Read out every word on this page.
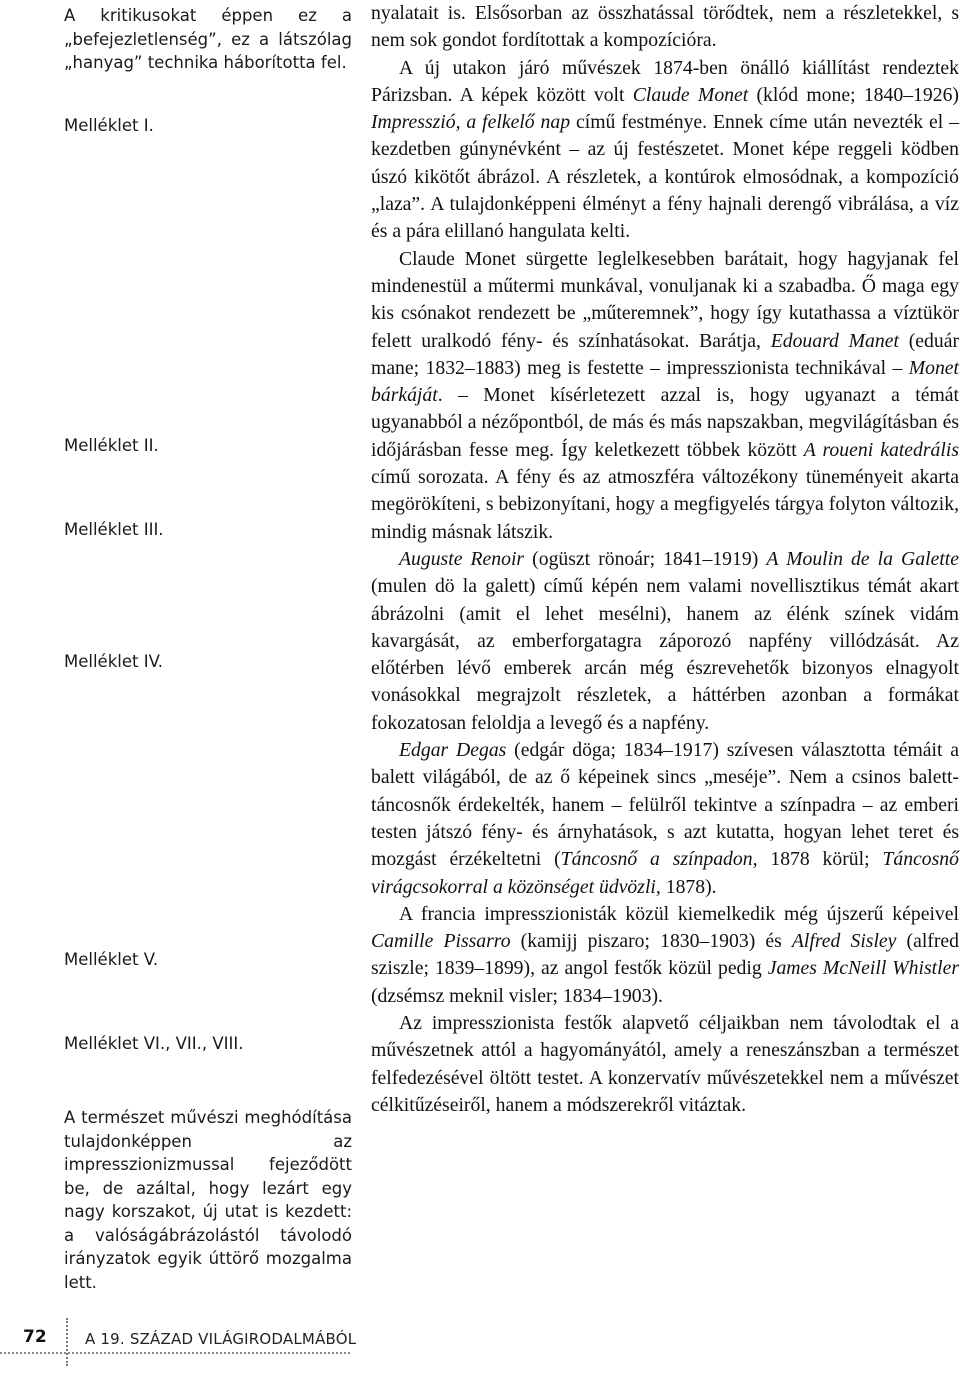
A kritikusokat éppen ez a „befejezletlenség”, ez a látszólag „hanyag” technika háborította fel.

Melléklet I.

Melléklet II.

Melléklet III.

Melléklet IV.

Melléklet V.

Melléklet VI., VII., VIII.

A természet művészi meghódítása tulajdonképpen az impresszionizmussal fejeződött be, de azáltal, hogy lezárt egy nagy korszakot, új utat is kezdett: a valóságábrázolástól távolodó irányzatok egyik úttörő mozgalma lett.

nyalatait is. Elsősorban az összhatással törődtek, nem a részletekkel, s nem sok gondot fordítottak a kompozícióra.

A új utakon járó művészek 1874-ben önálló kiállítást rendeztek Párizsban. A képek között volt Claude Monet (klód mone; 1840–1926) Impresszió, a felkelő nap című festménye. Ennek címe után nevezték el – kezdetben gúnynévként – az új festészetet. Monet képe reggeli ködben úszó kikötőt ábrázol. A részletek, a kontúrok elmosódnak, a kompozíció „laza”. A tulajdonképpeni élményt a fény hajnali derengő vibrálása, a víz és a pára elillanó hangulata kelti.

Claude Monet sürgette leglelkesebben barátait, hogy hagyjanak fel mindenestül a műtermi munkával, vonuljanak ki a szabadba. Ő maga egy kis csónakot rendezett be „műteremnek”, hogy így kutathassa a víztükör felett uralkodó fény- és színhatásokat. Barátja, Edouard Manet (eduár mane; 1832–1883) meg is festette – impresszionista technikával – Monet bárkáját. – Monet kísérletezett azzal is, hogy ugyanazt a témát ugyanabból a nézőpontból, de más és más napszakban, megvilágításban és időjárásban fesse meg. Így keletkezett többek között A roueni katedrális című sorozata. A fény és az atmoszféra változékony tüneményeit akarta megörökíteni, s bebizonyítani, hogy a megfigyelés tárgya folyton változik, mindig másnak látszik.

Auguste Renoir (ogüszt rönoár; 1841–1919) A Moulin de la Galette (mulen dö la galett) című képén nem valami novellisztikus témát akart ábrázolni (amit el lehet mesélni), hanem az élénk színek vidám kavargását, az emberforgatagra záporozó napfény villódzását. Az előtérben lévő emberek arcán még észrevehetők bizonyos elnagyolt vonásokkal megrajzolt részletek, a háttérben azonban a formákat fokozatosan feloldja a levegő és a napfény.

Edgar Degas (edgár döga; 1834–1917) szívesen választotta témáit a balett világából, de az ő képeinek sincs „meséje”. Nem a csinos balett-táncosnők érdekelték, hanem – felülről tekintve a színpadra – az emberi testen játszó fény- és árnyhatások, s azt kutatta, hogyan lehet teret és mozgást érzékeltetni (Táncosnő a színpadon, 1878 körül; Táncosnő virágcsokorral a közönséget üdvözli, 1878).

A francia impresszionisták közül kiemelkedik még újszerű képeivel Camille Pissarro (kamijj piszaro; 1830–1903) és Alfred Sisley (alfred sziszle; 1839–1899), az angol festők közül pedig James McNeill Whistler (dzsémsz meknil visler; 1834–1903).

Az impresszionista festők alapvető céljaikban nem távolodtak el a művészetnek attól a hagyományától, amely a reneszánszban a természet felfedezésével öltött testet. A konzervatív művészetekkel nem a művészet célkitűzéseiről, hanem a módszerekről vitáztak.

72	A 19. SZÁZAD VILÁGIRODALMÁBÓL
